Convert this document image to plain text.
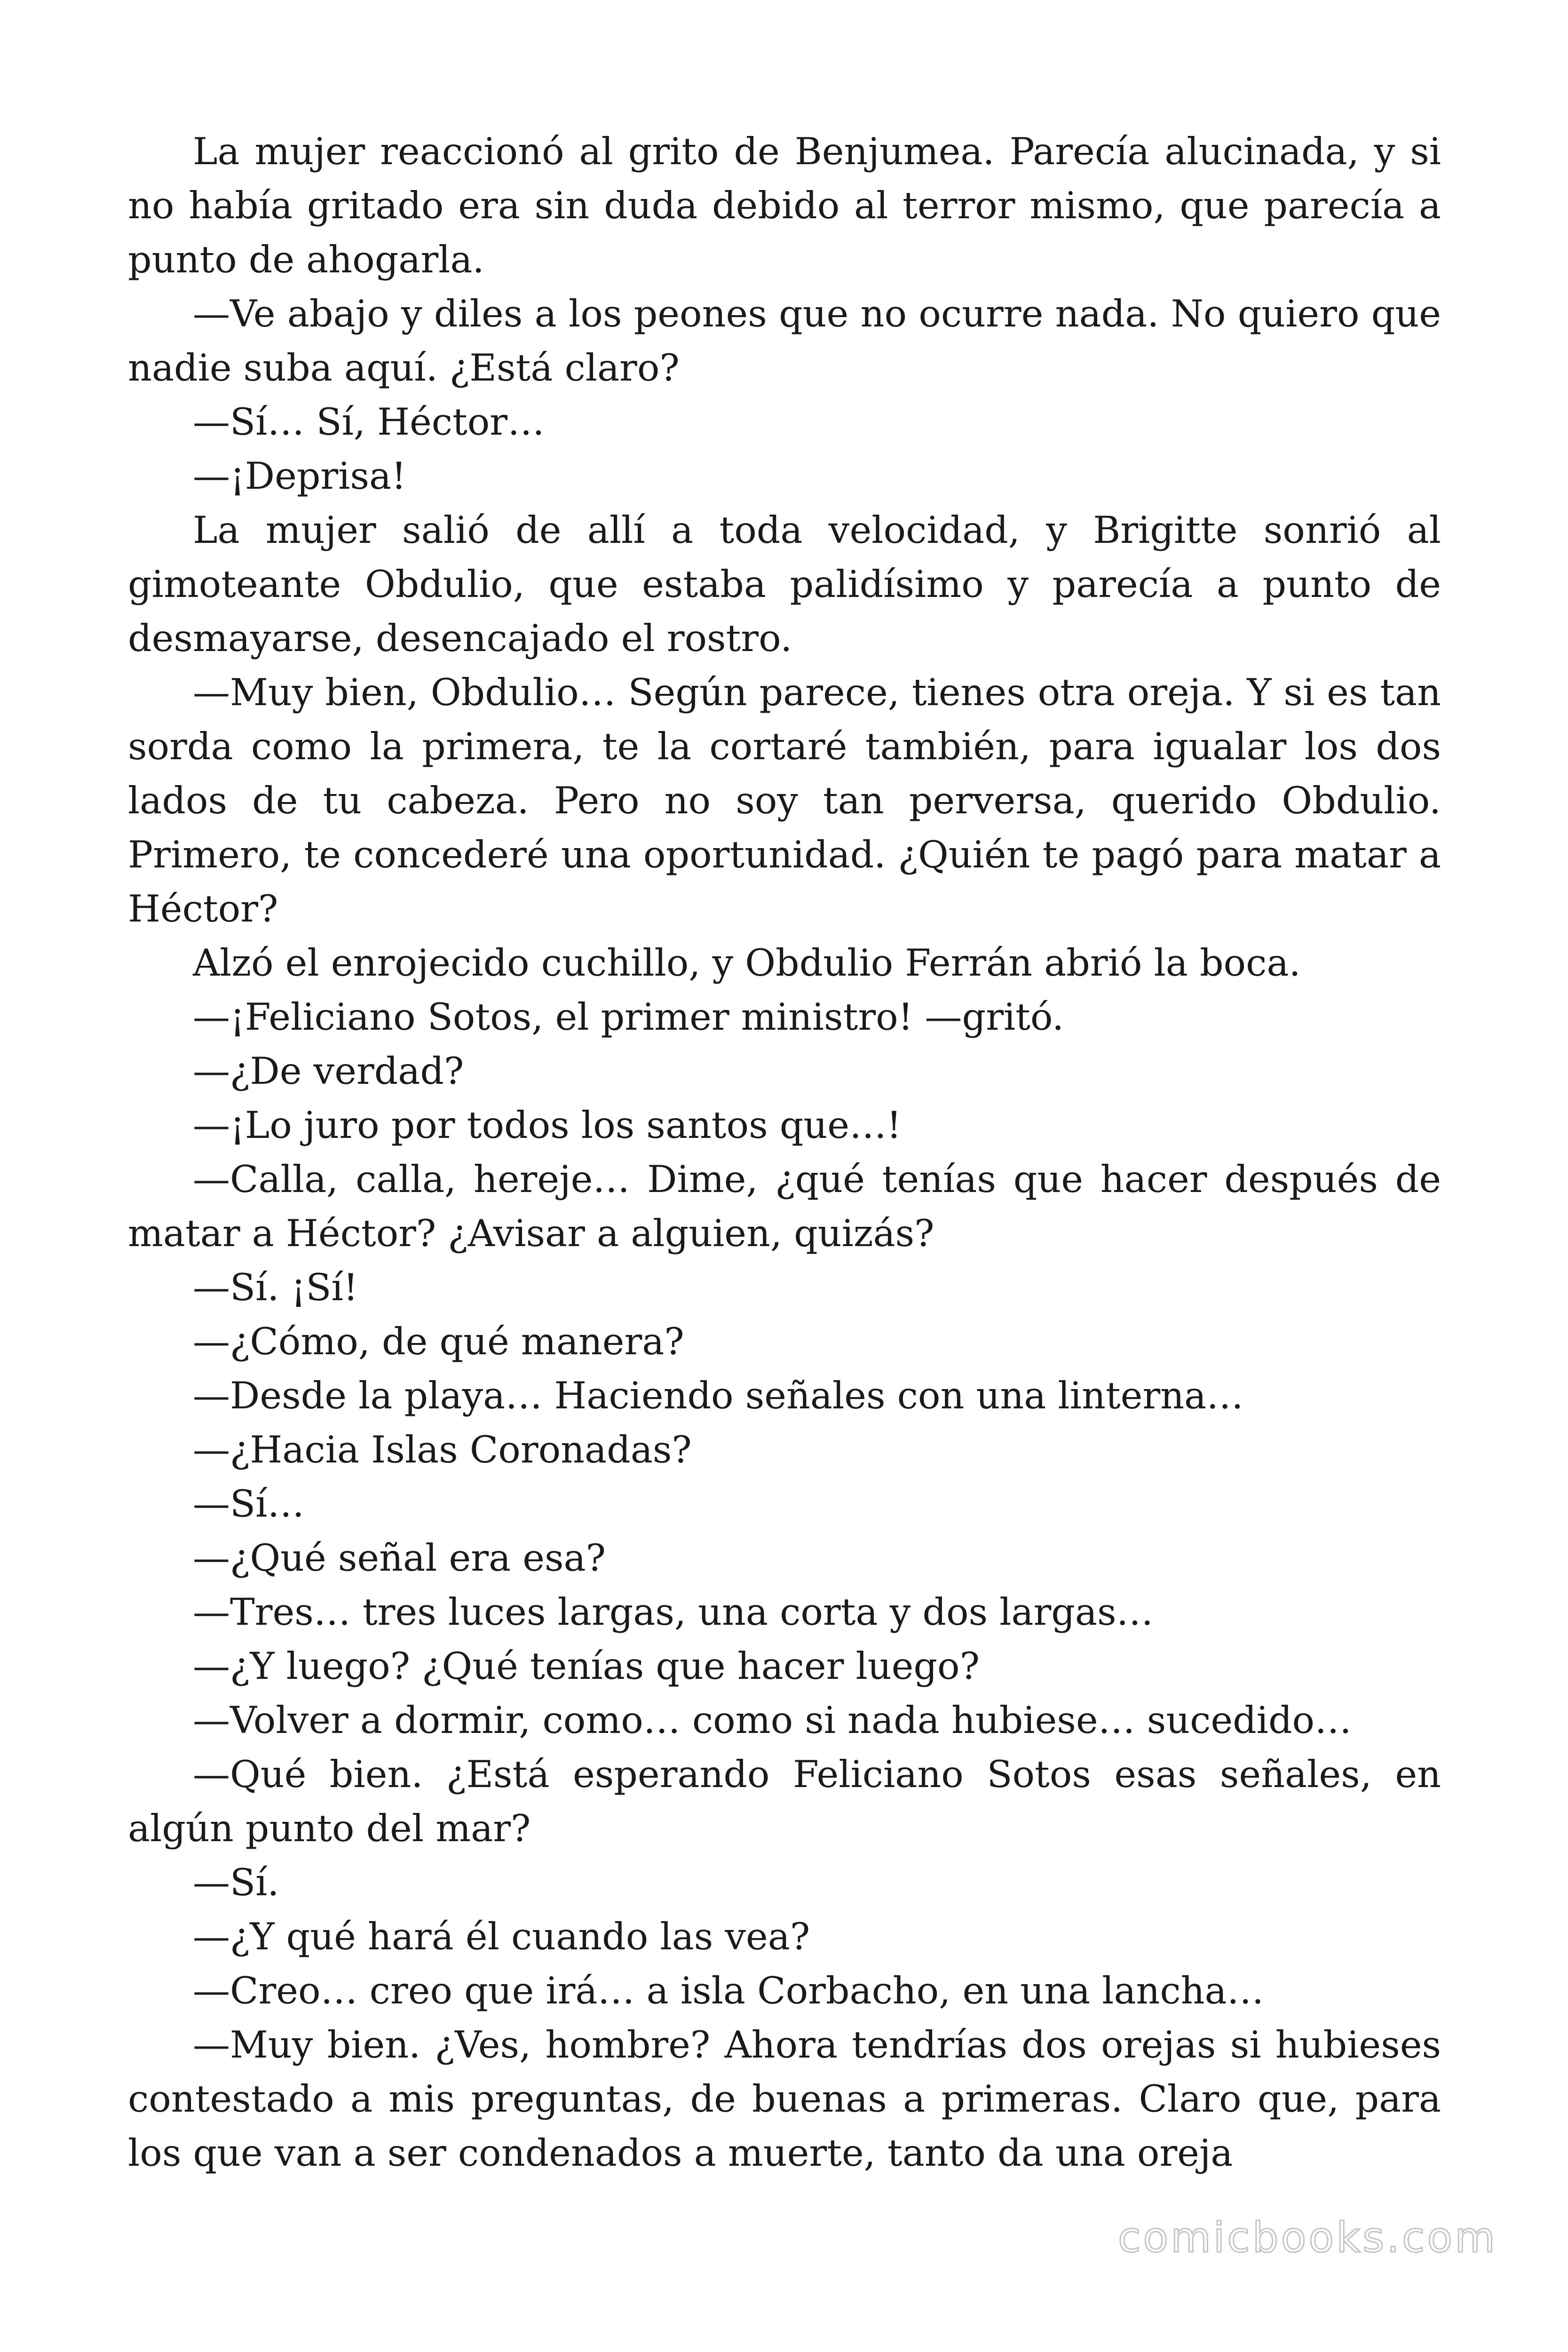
La mujer reaccionó al grito de Benjumea. Parecía alucinada, y si no había gritado era sin duda debido al terror mismo, que parecía a punto de ahogarla.

—Ve abajo y diles a los peones que no ocurre nada. No quiero que nadie suba aquí. ¿Está claro?

—Sí… Sí, Héctor…

—¡Deprisa!

La mujer salió de allí a toda velocidad, y Brigitte sonrió al gimoteante Obdulio, que estaba palidísimo y parecía a punto de desmayarse, desencajado el rostro.

—Muy bien, Obdulio… Según parece, tienes otra oreja. Y si es tan sorda como la primera, te la cortaré también, para igualar los dos lados de tu cabeza. Pero no soy tan perversa, querido Obdulio. Primero, te concederé una oportunidad. ¿Quién te pagó para matar a Héctor?

Alzó el enrojecido cuchillo, y Obdulio Ferrán abrió la boca.

—¡Feliciano Sotos, el primer ministro! —gritó.

—¿De verdad?

—¡Lo juro por todos los santos que…!

—Calla, calla, hereje… Dime, ¿qué tenías que hacer después de matar a Héctor? ¿Avisar a alguien, quizás?

—Sí. ¡Sí!

—¿Cómo, de qué manera?

—Desde la playa… Haciendo señales con una linterna…

—¿Hacia Islas Coronadas?

—Sí…

—¿Qué señal era esa?

—Tres… tres luces largas, una corta y dos largas…

—¿Y luego? ¿Qué tenías que hacer luego?

—Volver a dormir, como… como si nada hubiese… sucedido…

—Qué bien. ¿Está esperando Feliciano Sotos esas señales, en algún punto del mar?

—Sí.

—¿Y qué hará él cuando las vea?

—Creo… creo que irá… a isla Corbacho, en una lancha…

—Muy bien. ¿Ves, hombre? Ahora tendrías dos orejas si hubieses contestado a mis preguntas, de buenas a primeras. Claro que, para los que van a ser condenados a muerte, tanto da una oreja

comicbooks.com
